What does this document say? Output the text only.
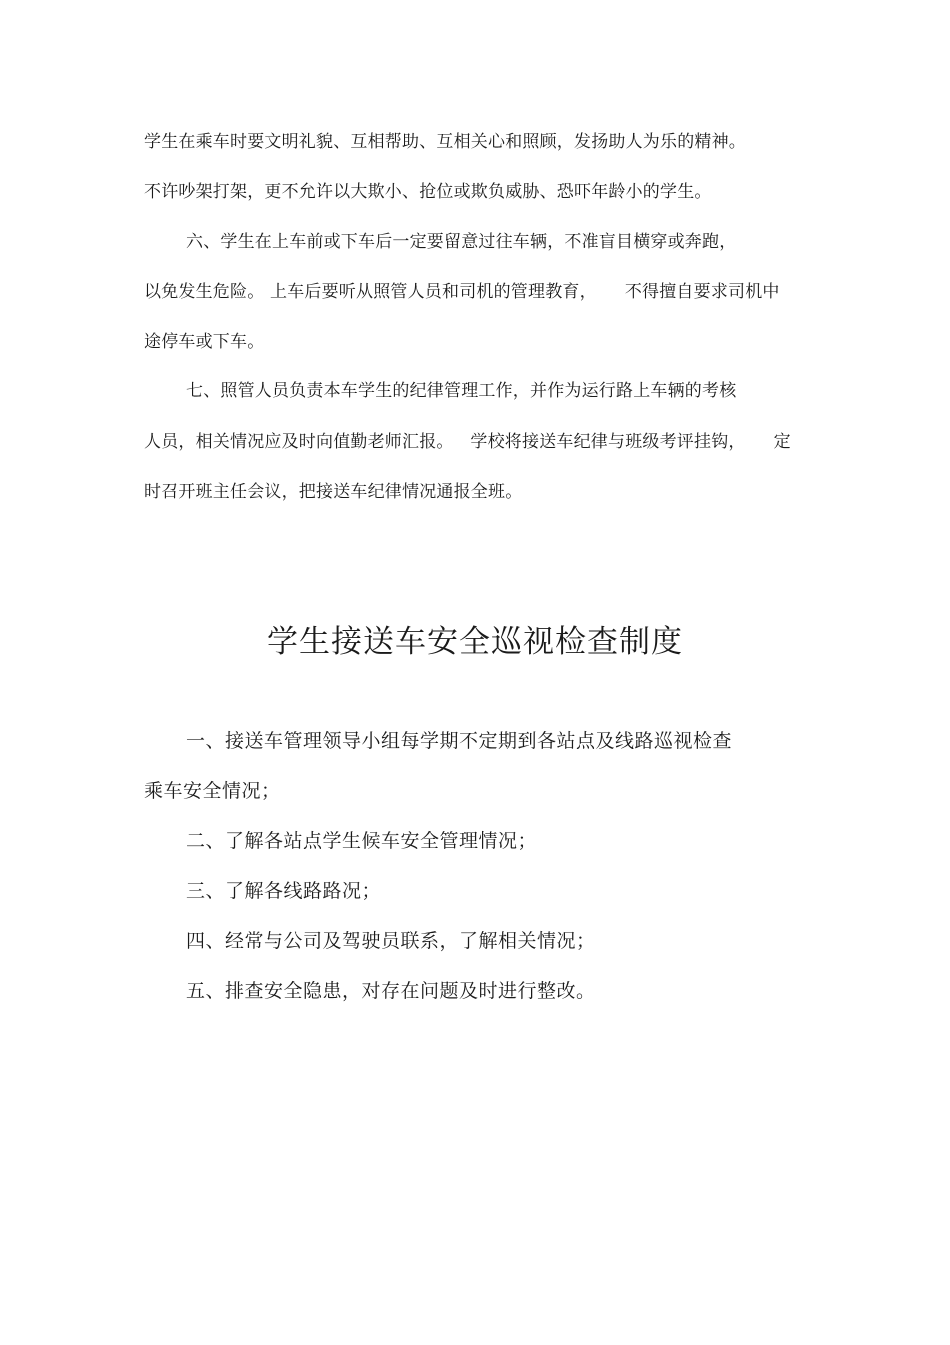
学生在乘车时要文明礼貌、互相帮助、互相关心和照顾，发扬助人为乐的精神。
不许吵架打架，更不允许以大欺小、抢位或欺负威胁、恐吓年龄小的学生。
六、学生在上车前或下车后一定要留意过往车辆，不准盲目横穿或奔跑，
以免发生危险。 上车后要听从照管人员和司机的管理教育，     不得擅自要求司机中
途停车或下车。
七、照管人员负责本车学生的纪律管理工作，并作为运行路上车辆的考核
人员，相关情况应及时向值勤老师汇报。   学校将接送车纪律与班级考评挂钩，     定
时召开班主任会议，把接送车纪律情况通报全班。
学生接送车安全巡视检查制度
一、接送车管理领导小组每学期不定期到各站点及线路巡视检查
乘车安全情况；
二、了解各站点学生候车安全管理情况；
三、了解各线路路况；
四、经常与公司及驾驶员联系，了解相关情况；
五、排查安全隐患，对存在问题及时进行整改。
